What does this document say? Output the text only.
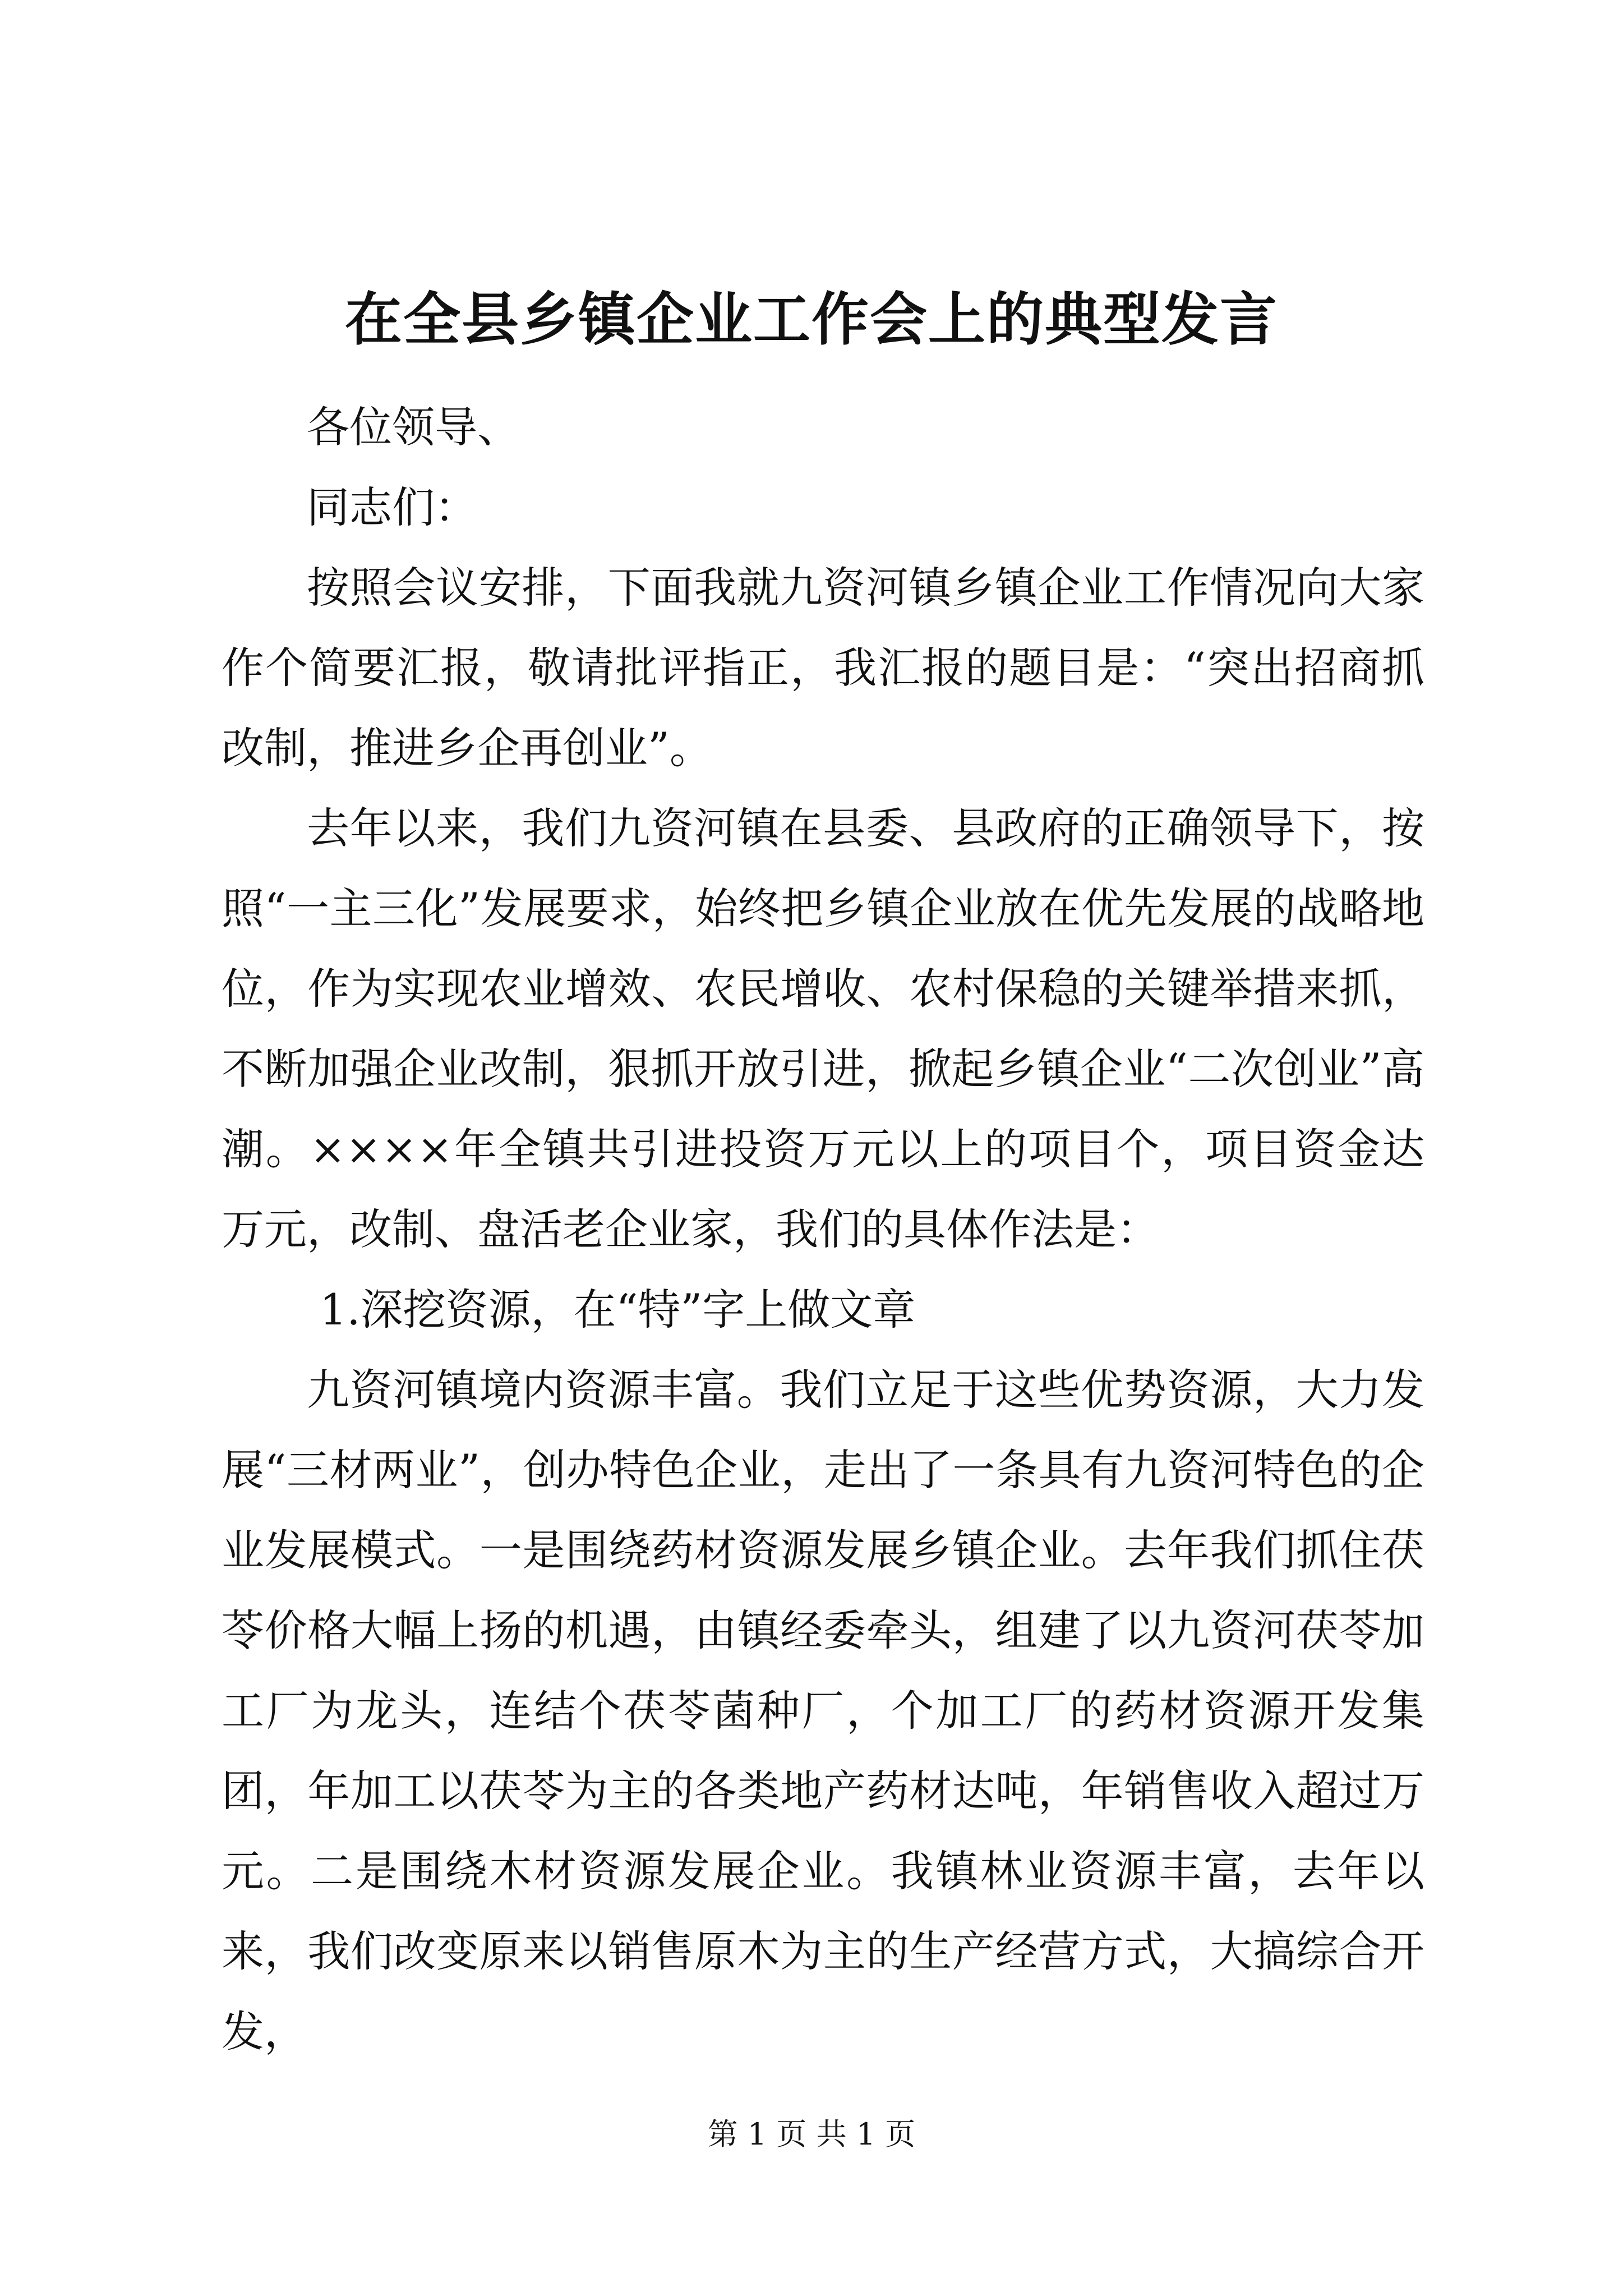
在全县乡镇企业工作会上的典型发言

各位领导、

同志们：

按照会议安排，下面我就九资河镇乡镇企业工作情况向大家作个简要汇报，敬请批评指正，我汇报的题目是：“突出招商抓改制，推进乡企再创业”。

去年以来，我们九资河镇在县委、县政府的正确领导下，按照“一主三化”发展要求，始终把乡镇企业放在优先发展的战略地位，作为实现农业增效、农民增收、农村保稳的关键举措来抓，不断加强企业改制，狠抓开放引进，掀起乡镇企业“二次创业”高潮。××××年全镇共引进投资万元以上的项目个，项目资金达万元，改制、盘活老企业家，我们的具体作法是：

1.深挖资源，在“特”字上做文章

九资河镇境内资源丰富。我们立足于这些优势资源，大力发展“三材两业”，创办特色企业，走出了一条具有九资河特色的企业发展模式。一是围绕药材资源发展乡镇企业。去年我们抓住茯苓价格大幅上扬的机遇，由镇经委牵头，组建了以九资河茯苓加工厂为龙头，连结个茯苓菌种厂，个加工厂的药材资源开发集团，年加工以茯苓为主的各类地产药材达吨，年销售收入超过万元。二是围绕木材资源发展企业。我镇林业资源丰富，去年以来，我们改变原来以销售原木为主的生产经营方式，大搞综合开发，

第 1 页 共 1 页
